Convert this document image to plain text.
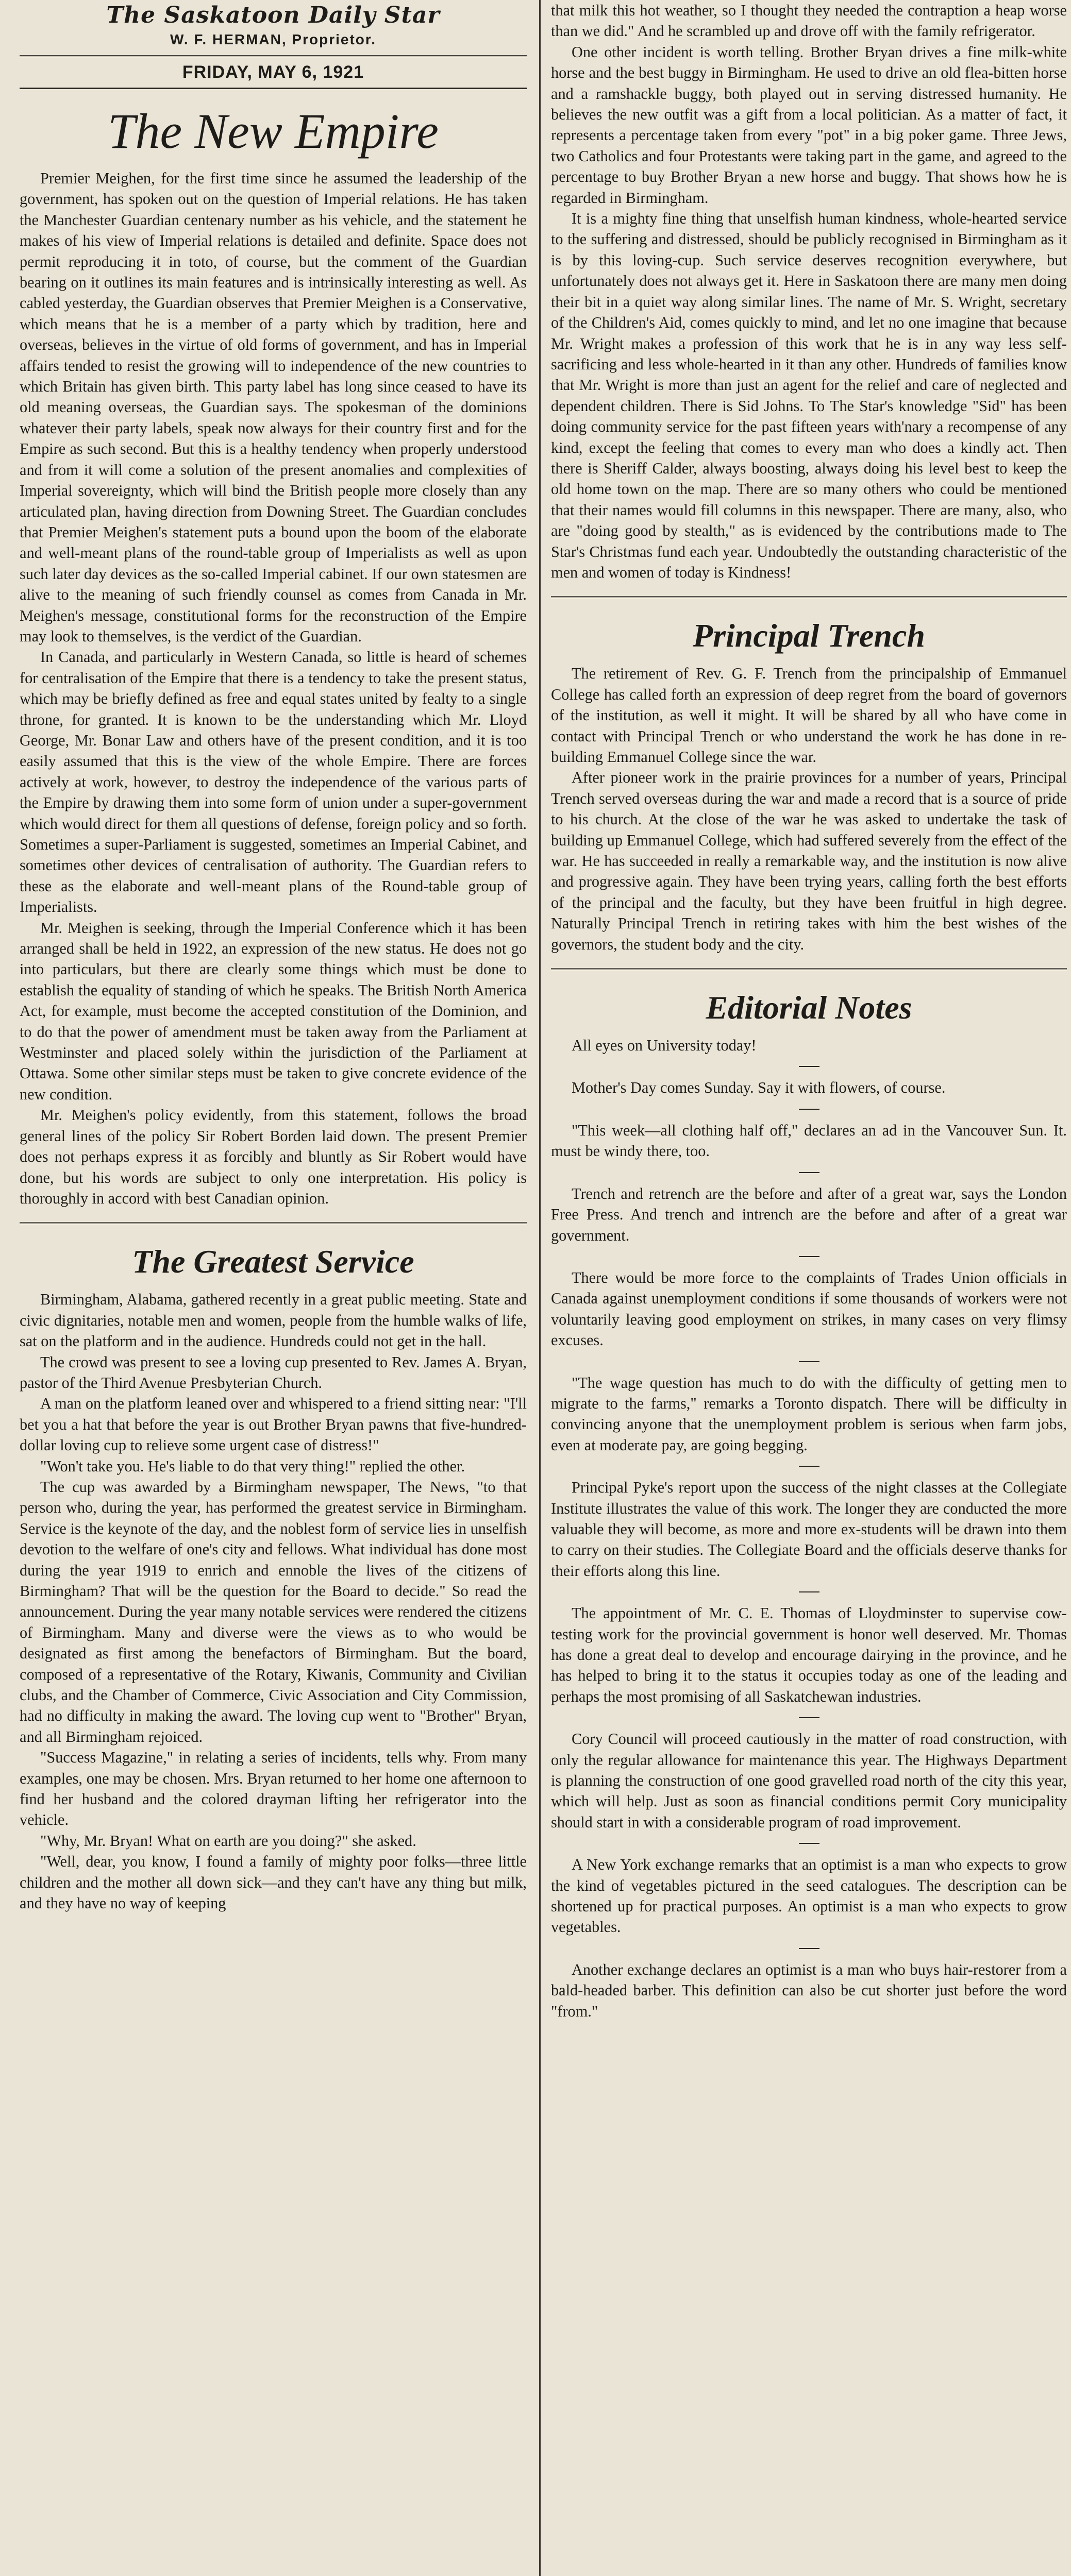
The Saskatoon Daily Star
W. F. HERMAN, Proprietor.
FRIDAY, MAY 6, 1921
The New Empire

Premier Meighen, for the first time since he assumed the leadership of the government, has spoken out on the question of Imperial relations. He has taken the Manchester Guardian centenary number as his vehicle, and the statement he makes of his view of Imperial relations is detailed and definite. Space does not permit reproducing it in toto, of course, but the comment of the Guardian bearing on it outlines its main features and is intrinsically interesting as well. As cabled yesterday, the Guardian observes that Premier Meighen is a Conservative, which means that he is a member of a party which by tradition, here and overseas, believes in the virtue of old forms of government, and has in Imperial affairs tended to resist the growing will to independence of the new countries to which Britain has given birth. This party label has long since ceased to have its old meaning overseas, the Guardian says. The spokesman of the dominions whatever their party labels, speak now always for their country first and for the Empire as such second. But this is a healthy tendency when properly understood and from it will come a solution of the present anomalies and complexities of Imperial sovereignty, which will bind the British people more closely than any articulated plan, having direction from Downing Street. The Guardian concludes that Premier Meighen's statement puts a bound upon the boom of the elaborate and well-meant plans of the round-table group of Imperialists as well as upon such later day devices as the so-called Imperial cabinet. If our own statesmen are alive to the meaning of such friendly counsel as comes from Canada in Mr. Meighen's message, constitutional forms for the reconstruction of the Empire may look to themselves, is the verdict of the Guardian.

In Canada, and particularly in Western Canada, so little is heard of schemes for centralisation of the Empire that there is a tendency to take the present status, which may be briefly defined as free and equal states united by fealty to a single throne, for granted. It is known to be the understanding which Mr. Lloyd George, Mr. Bonar Law and others have of the present condition, and it is too easily assumed that this is the view of the whole Empire. There are forces actively at work, however, to destroy the independence of the various parts of the Empire by drawing them into some form of union under a super-government which would direct for them all questions of defense, foreign policy and so forth. Sometimes a super-Parliament is suggested, sometimes an Imperial Cabinet, and sometimes other devices of centralisation of authority. The Guardian refers to these as the elaborate and well-meant plans of the Round-table group of Imperialists.

Mr. Meighen is seeking, through the Imperial Conference which it has been arranged shall be held in 1922, an expression of the new status. He does not go into particulars, but there are clearly some things which must be done to establish the equality of standing of which he speaks. The British North America Act, for example, must become the accepted constitution of the Dominion, and to do that the power of amendment must be taken away from the Parliament at Westminster and placed solely within the jurisdiction of the Parliament at Ottawa. Some other similar steps must be taken to give concrete evidence of the new condition.

Mr. Meighen's policy evidently, from this statement, follows the broad general lines of the policy Sir Robert Borden laid down. The present Premier does not perhaps express it as forcibly and bluntly as Sir Robert would have done, but his words are subject to only one interpretation. His policy is thoroughly in accord with best Canadian opinion.

The Greatest Service

Birmingham, Alabama, gathered recently in a great public meeting. State and civic dignitaries, notable men and women, people from the humble walks of life, sat on the platform and in the audience. Hundreds could not get in the hall.

The crowd was present to see a loving cup presented to Rev. James A. Bryan, pastor of the Third Avenue Presbyterian Church.

A man on the platform leaned over and whispered to a friend sitting near: "I'll bet you a hat that before the year is out Brother Bryan pawns that five-hundred-dollar loving cup to relieve some urgent case of distress!"

"Won't take you. He's liable to do that very thing!" replied the other.

The cup was awarded by a Birmingham newspaper, The News, "to that person who, during the year, has performed the greatest service in Birmingham. Service is the keynote of the day, and the noblest form of service lies in unselfish devotion to the welfare of one's city and fellows. What individual has done most during the year 1919 to enrich and ennoble the lives of the citizens of Birmingham? That will be the question for the Board to decide." So read the announcement. During the year many notable services were rendered the citizens of Birmingham. Many and diverse were the views as to who would be designated as first among the benefactors of Birmingham. But the board, composed of a representative of the Rotary, Kiwanis, Community and Civilian clubs, and the Chamber of Commerce, Civic Association and City Commission, had no difficulty in making the award. The loving cup went to "Brother" Bryan, and all Birmingham rejoiced.

"Success Magazine," in relating a series of incidents, tells why. From many examples, one may be chosen. Mrs. Bryan returned to her home one afternoon to find her husband and the colored drayman lifting her refrigerator into the vehicle.

"Why, Mr. Bryan! What on earth are you doing?" she asked.

"Well, dear, you know, I found a family of mighty poor folks—three little children and the mother all down sick—and they can't have any thing but milk, and they have no way of keeping

that milk this hot weather, so I thought they needed the contraption a heap worse than we did." And he scrambled up and drove off with the family refrigerator.

One other incident is worth telling. Brother Bryan drives a fine milk-white horse and the best buggy in Birmingham. He used to drive an old flea-bitten horse and a ramshackle buggy, both played out in serving distressed humanity. He believes the new outfit was a gift from a local politician. As a matter of fact, it represents a percentage taken from every "pot" in a big poker game. Three Jews, two Catholics and four Protestants were taking part in the game, and agreed to the percentage to buy Brother Bryan a new horse and buggy. That shows how he is regarded in Birmingham.

It is a mighty fine thing that unselfish human kindness, whole-hearted service to the suffering and distressed, should be publicly recognised in Birmingham as it is by this loving-cup. Such service deserves recognition everywhere, but unfortunately does not always get it. Here in Saskatoon there are many men doing their bit in a quiet way along similar lines. The name of Mr. S. Wright, secretary of the Children's Aid, comes quickly to mind, and let no one imagine that because Mr. Wright makes a profession of this work that he is in any way less self-sacrificing and less whole-hearted in it than any other. Hundreds of families know that Mr. Wright is more than just an agent for the relief and care of neglected and dependent children. There is Sid Johns. To The Star's knowledge "Sid" has been doing community service for the past fifteen years with'nary a recompense of any kind, except the feeling that comes to every man who does a kindly act. Then there is Sheriff Calder, always boosting, always doing his level best to keep the old home town on the map. There are so many others who could be mentioned that their names would fill columns in this newspaper. There are many, also, who are "doing good by stealth," as is evidenced by the contributions made to The Star's Christmas fund each year. Undoubtedly the outstanding characteristic of the men and women of today is Kindness!

Principal Trench

The retirement of Rev. G. F. Trench from the principalship of Emmanuel College has called forth an expression of deep regret from the board of governors of the institution, as well it might. It will be shared by all who have come in contact with Principal Trench or who understand the work he has done in re-building Emmanuel College since the war.

After pioneer work in the prairie provinces for a number of years, Principal Trench served overseas during the war and made a record that is a source of pride to his church. At the close of the war he was asked to undertake the task of building up Emmanuel College, which had suffered severely from the effect of the war. He has succeeded in really a remarkable way, and the institution is now alive and progressive again. They have been trying years, calling forth the best efforts of the principal and the faculty, but they have been fruitful in high degree. Naturally Principal Trench in retiring takes with him the best wishes of the governors, the student body and the city.

Editorial Notes

All eyes on University today!

Mother's Day comes Sunday. Say it with flowers, of course.

"This week—all clothing half off," declares an ad in the Vancouver Sun. It. must be windy there, too.

Trench and retrench are the before and after of a great war, says the London Free Press. And trench and intrench are the before and after of a great war government.

There would be more force to the complaints of Trades Union officials in Canada against unemployment conditions if some thousands of workers were not voluntarily leaving good employment on strikes, in many cases on very flimsy excuses.

"The wage question has much to do with the difficulty of getting men to migrate to the farms," remarks a Toronto dispatch. There will be difficulty in convincing anyone that the unemployment problem is serious when farm jobs, even at moderate pay, are going begging.

Principal Pyke's report upon the success of the night classes at the Collegiate Institute illustrates the value of this work. The longer they are conducted the more valuable they will become, as more and more ex-students will be drawn into them to carry on their studies. The Collegiate Board and the officials deserve thanks for their efforts along this line.

The appointment of Mr. C. E. Thomas of Lloydminster to supervise cow-testing work for the provincial government is honor well deserved. Mr. Thomas has done a great deal to develop and encourage dairying in the province, and he has helped to bring it to the status it occupies today as one of the leading and perhaps the most promising of all Saskatchewan industries.

Cory Council will proceed cautiously in the matter of road construction, with only the regular allowance for maintenance this year. The Highways Department is planning the construction of one good gravelled road north of the city this year, which will help. Just as soon as financial conditions permit Cory municipality should start in with a considerable program of road improvement.

A New York exchange remarks that an optimist is a man who expects to grow the kind of vegetables pictured in the seed catalogues. The description can be shortened up for practical purposes. An optimist is a man who expects to grow vegetables.

Another exchange declares an optimist is a man who buys hair-restorer from a bald-headed barber. This definition can also be cut shorter just before the word "from."
